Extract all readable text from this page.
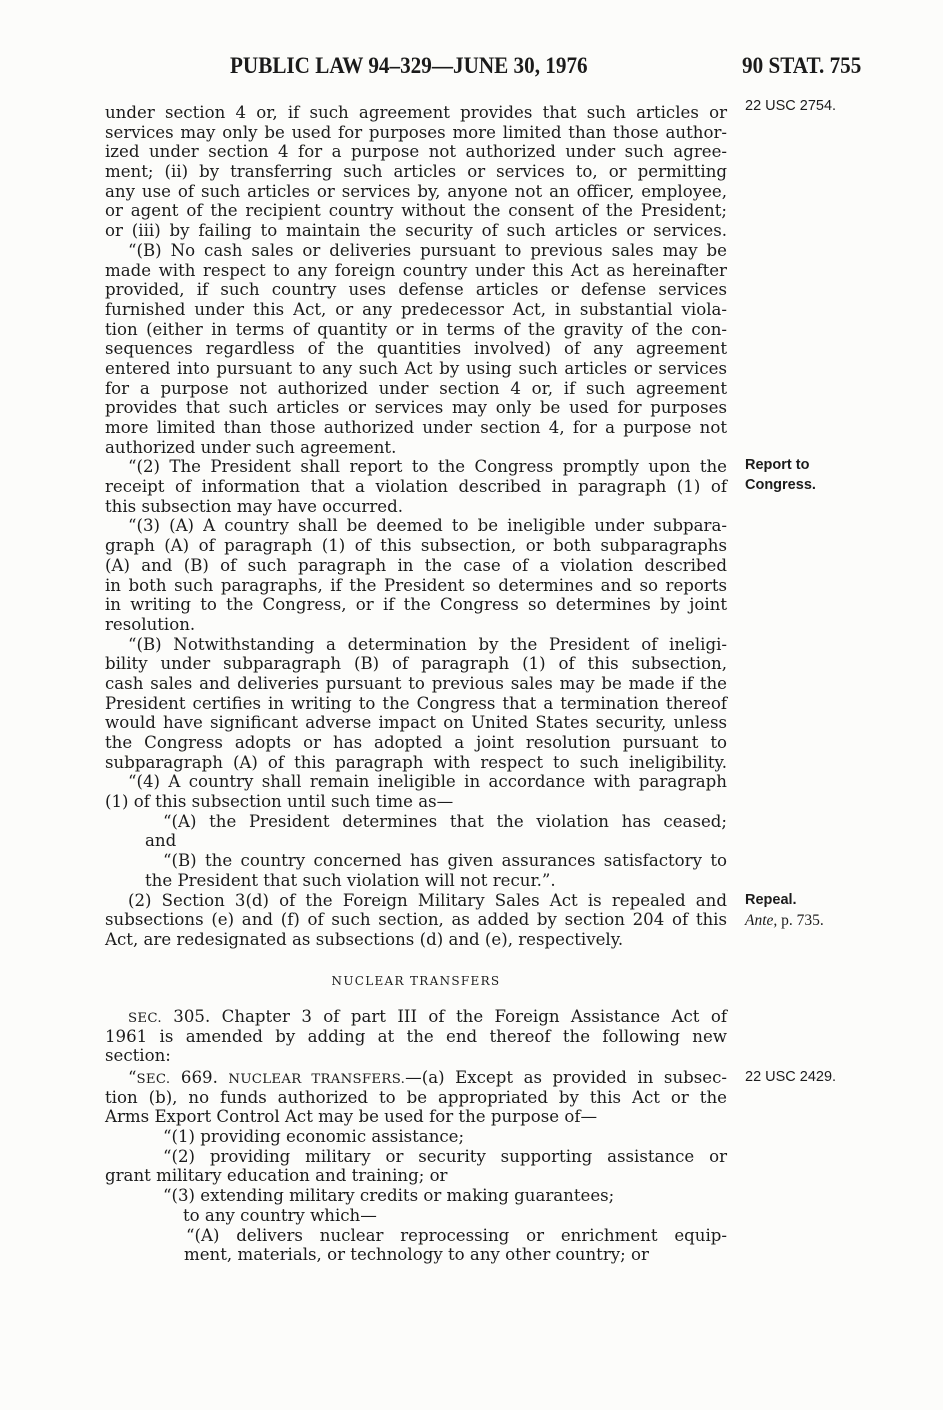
PUBLIC LAW 94–329—JUNE 30, 1976	90 STAT. 755
22 USC 2754.
Report to
Congress.
Repeal.
Ante, p. 735.
22 USC 2429.
under section 4 or, if such agreement provides that such articles or
services may only be used for purposes more limited than those author-
ized under section 4 for a purpose not authorized under such agree-
ment; (ii) by transferring such articles or services to, or permitting
any use of such articles or services by, anyone not an officer, employee,
or agent of the recipient country without the consent of the President;
or (iii) by failing to maintain the security of such articles or services.
“(B) No cash sales or deliveries pursuant to previous sales may be
made with respect to any foreign country under this Act as hereinafter
provided, if such country uses defense articles or defense services
furnished under this Act, or any predecessor Act, in substantial viola-
tion (either in terms of quantity or in terms of the gravity of the con-
sequences regardless of the quantities involved) of any agreement
entered into pursuant to any such Act by using such articles or services
for a purpose not authorized under section 4 or, if such agreement
provides that such articles or services may only be used for purposes
more limited than those authorized under section 4, for a purpose not
authorized under such agreement.
“(2) The President shall report to the Congress promptly upon the
receipt of information that a violation described in paragraph (1) of
this subsection may have occurred.
“(3) (A) A country shall be deemed to be ineligible under subpara-
graph (A) of paragraph (1) of this subsection, or both subparagraphs
(A) and (B) of such paragraph in the case of a violation described
in both such paragraphs, if the President so determines and so reports
in writing to the Congress, or if the Congress so determines by joint
resolution.
“(B) Notwithstanding a determination by the President of ineligi-
bility under subparagraph (B) of paragraph (1) of this subsection,
cash sales and deliveries pursuant to previous sales may be made if the
President certifies in writing to the Congress that a termination thereof
would have significant adverse impact on United States security, unless
the Congress adopts or has adopted a joint resolution pursuant to
subparagraph (A) of this paragraph with respect to such ineligibility.
“(4) A country shall remain ineligible in accordance with paragraph
(1) of this subsection until such time as—
“(A) the President determines that the violation has ceased;
and
“(B) the country concerned has given assurances satisfactory to
the President that such violation will not recur.”.
(2) Section 3(d) of the Foreign Military Sales Act is repealed and
subsections (e) and (f) of such section, as added by section 204 of this
Act, are redesignated as subsections (d) and (e), respectively.
NUCLEAR TRANSFERS
SEC. 305. Chapter 3 of part III of the Foreign Assistance Act of
1961 is amended by adding at the end thereof the following new
section:
“SEC. 669. NUCLEAR TRANSFERS.—(a) Except as provided in subsec-
tion (b), no funds authorized to be appropriated by this Act or the
Arms Export Control Act may be used for the purpose of—
“(1) providing economic assistance;
“(2) providing military or security supporting assistance or
grant military education and training; or
“(3) extending military credits or making guarantees;
to any country which—
“(A) delivers nuclear reprocessing or enrichment equip-
ment, materials, or technology to any other country; or
